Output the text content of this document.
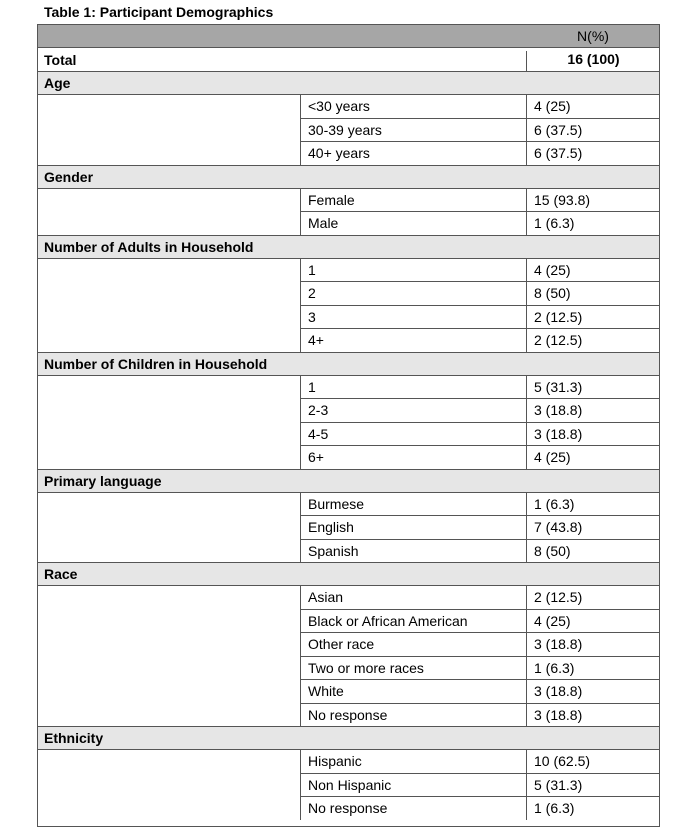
Table 1: Participant Demographics
N(%)
Total	16 (100)
Age
<30 years	4 (25)
30-39 years	6 (37.5)
40+ years	6 (37.5)
Gender
Female	15 (93.8)
Male	1 (6.3)
Number of Adults in Household
1	4 (25)
2	8 (50)
3	2 (12.5)
4+	2 (12.5)
Number of Children in Household
1	5 (31.3)
2-3	3 (18.8)
4-5	3 (18.8)
6+	4 (25)
Primary language
Burmese	1 (6.3)
English	7 (43.8)
Spanish	8 (50)
Race
Asian	2 (12.5)
Black or African American	4 (25)
Other race	3 (18.8)
Two or more races	1 (6.3)
White	3 (18.8)
No response	3 (18.8)
Ethnicity
Hispanic	10 (62.5)
Non Hispanic	5 (31.3)
No response	1 (6.3)
